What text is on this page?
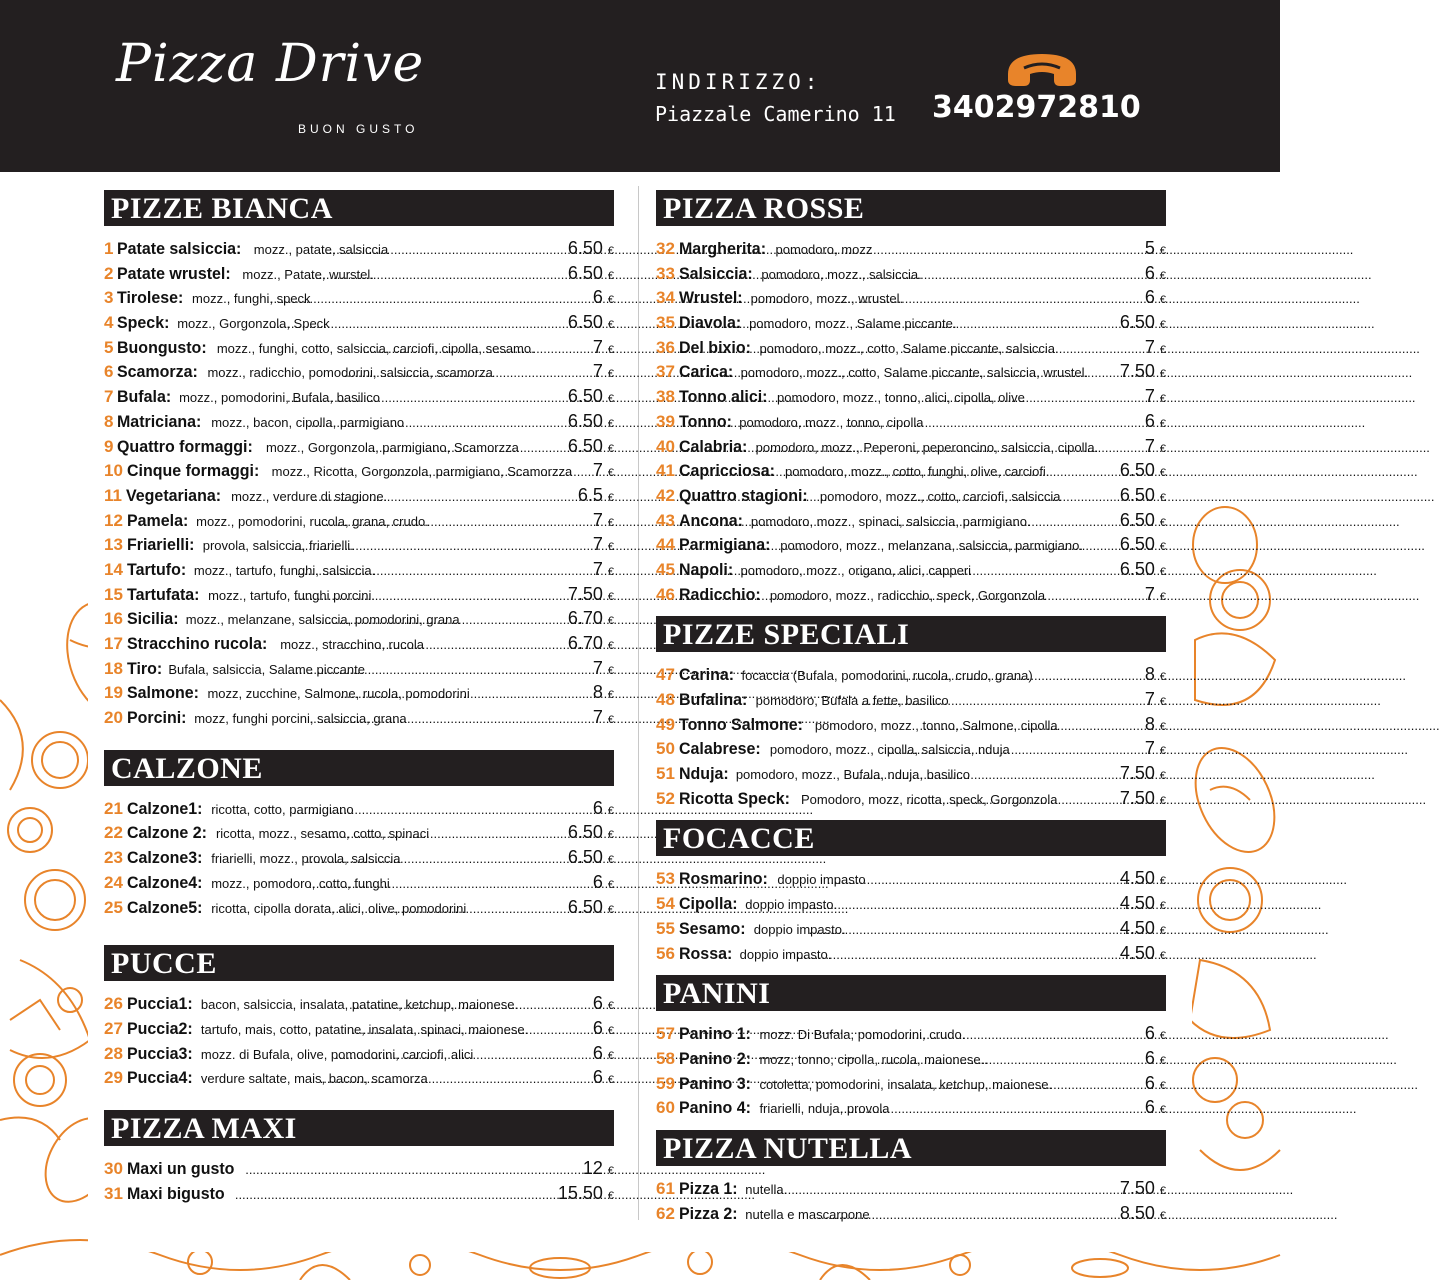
Pizza Drive
BUON GUSTO
INDIRIZZO:
Piazzale Camerino 11 3402972810
PIZZE BIANCA
1 Patate salsiccia: mozz., patate, salsiccia .....	6.50 €
2 Patate wrustel: mozz., Patate, wurstel. .....	6.50 €
3 Tirolese: mozz., funghi, speck .....	6 €
4 Speck: mozz., Gorgonzola, Speck .....	6.50 €
5 Buongusto: mozz., funghi, cotto, salsiccia, carciofi, cipolla, sesamo. .....	7 €
6 Scamorza: mozz., radicchio, pomodorini, salsiccia, scamorza .....	7 €
7 Bufala: mozz., pomodorini, Bufala, basilico .....	6.50 €
8 Matriciana: mozz., bacon, cipolla, parmigiano .....	6.50 €
9 Quattro formaggi: mozz., Gorgonzola, parmigiano, Scamorzza .....	6.50 €
10 Cinque formaggi: mozz., Ricotta, Gorgonzola, parmigiano, Scamorzza ..... 7 €
11 Vegetariana: mozz., verdure di stagione. .....	6.5 €
12 Pamela: mozz., pomodorini, rucola, grana, crudo. .....	7 €
13 Friarielli: provola, salsiccia, friarielli. .....	7 €
14 Tartufo: mozz., tartufo, funghi, salsiccia. .....	7 €
15 Tartufata: mozz., tartufo, funghi porcini. .....	7.50 €
16 Sicilia: mozz., melanzane, salsiccia, pomodorini, grana .....	6.70 €
17 Stracchino rucola: mozz., stracchino, rucola .....	6.70 €
18 Tiro: Bufala, salsiccia, Salame piccante .....	7 €
19 Salmone: mozz, zucchine, Salmone, rucola, pomodorini .....	8 €
20 Porcini: mozz, funghi porcini, salsiccia, grana .....	7 €
CALZONE
21 Calzone1: ricotta, cotto, parmigiano .....	6 €
22 Calzone 2: ricotta, mozz., sesamo, cotto, spinaci .....	6.50 €
23 Calzone3: friarielli, mozz., provola, salsiccia .....	6.50 €
24 Calzone4: mozz., pomodoro, cotto, funghi .....	6 €
25 Calzone5: ricotta, cipolla dorata, alici, olive, pomodorini .....	6.50 €
PUCCE
26 Puccia1: bacon, salsiccia, insalata, patatine, ketchup, maionese. .....	6 €
27 Puccia2: tartufo, mais, cotto, patatine, insalata, spinaci, maionese. .....	6 €
28 Puccia3: mozz. di Bufala, olive, pomodorini, carciofi, alici .....	6 €
29 Puccia4: verdure saltate, mais, bacon, scamorza .....	6 €
PIZZA MAXI
30 Maxi un gusto .....	12 €
31 Maxi bigusto .....	15.50 €
PIZZA ROSSE
32 Margherita: pomodoro, mozz .....	5 €
33 Salsiccia: pomodoro, mozz., salsiccia. .....	6 €
34 Wrustel: pomodoro, mozz., wrustel. .....	6 €
35 Diavola: pomodoro, mozz., Salame piccante. .....	6.50 €
36 Del bixio: pomodoro, mozz., cotto, Salame piccante, salsiccia. .....	7 €
37 Carica: pomodoro, mozz., cotto, Salame piccante, salsiccia, wrustel. ..... 7.50 €
38 Tonno alici: pomodoro, mozz., tonno, alici, cipolla, olive .....	7 €
39 Tonno: pomodoro, mozz., tonno, cipolla .....	6 €
40 Calabria: pomodoro, mozz., Peperoni, peperoncino, salsiccia, cipolla. .....	7 €
41 Capricciosa: pomodoro, mozz., cotto, funghi, olive, carciofi. .....	6.50 €
42 Quattro stagioni: pomodoro, mozz., cotto, carciofi, salsiccia .....	6.50 €
43 Ancona: pomodoro, mozz., spinaci, salsiccia, parmigiano. .....	6.50 €
44 Parmigiana: pomodoro, mozz., melanzana, salsiccia, parmigiano. ..... 6.50 €
45 Napoli: pomodoro, mozz., origano, alici, capperi .....	6.50 €
46 Radicchio: pomodoro, mozz., radicchio, speck, Gorgonzola .....	7 €
PIZZE SPECIALI
47 Carina: focaccia (Bufala, pomodorini, rucola, crudo, grana) .....	8 €
48 Bufalina: pomodoro, Bufala a fette, basilico .....	7 €
49 Tonno Salmone: pomodoro, mozz., tonno, Salmone, cipolla .....	8 €
50 Calabrese: pomodoro, mozz., cipolla, salsiccia, nduja .....	7 €
51 Nduja: pomodoro, mozz., Bufala, nduja, basilico .....	7.50 €
52 Ricotta Speck: Pomodoro, mozz, ricotta, speck, Gorgonzola .....	7.50 €
FOCACCE
53 Rosmarino: doppio impasto .....	4.50 €
54 Cipolla: doppio impasto. .....	4.50 €
55 Sesamo: doppio impasto. .....	4.50 €
56 Rossa: doppio impasto. .....	4.50 €
PANINI
57 Panino 1: mozz. Di Bufala, pomodorini, crudo. .....	6 €
58 Panino 2: mozz, tonno, cipolla, rucola, maionese.. .....	6 €
59 Panino 3: cotoletta, pomodorini, insalata, ketchup, maionese. .....	6 €
60 Panino 4: friarielli, nduja, provola .....	6 €
PIZZA NUTELLA
61 Pizza 1: nutella. .....	7.50 €
62 Pizza 2: nutella e mascarpone .....	8.50 €
